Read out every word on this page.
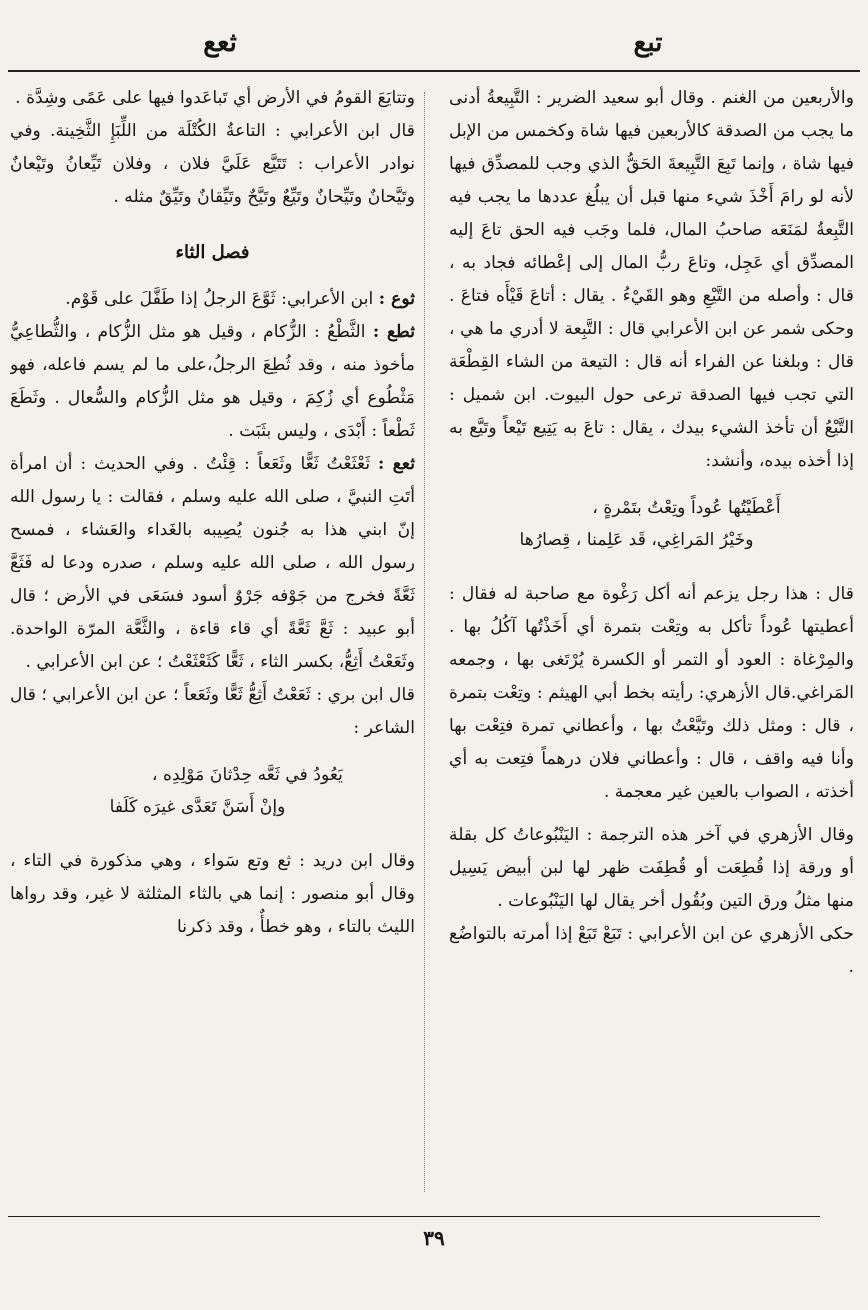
تبع
ثعع

والأربعين من الغنم . وقال أبو سعيد الضرير : التَّبِيعةُ أدنى ما يجب من الصدقة كالأربعين فيها شاة وكخمس من الإبل فيها شاة ، وإنما تَبِعَ التَّبِيعةَ الحَقُّ الذي وجب للمصدِّق فيها لأنه لو رامَ أَخْذَ شيء منها قبل أن يبلُغ عددها ما يجب فيه التَّبِعةُ لمَنَعَه صاحبُ المال، فلما وجَب فيه الحق تاعَ إليه المصدِّق أي عَجِل، وتاعَ ربُّ المال إلى إعْطائه فجاد به ، قال : وأصله من التَّيْعِ وهو القَيْءُ . يقال : أتاعَ قَيْأَه فتاعَ . وحكى شمر عن ابن الأعرابي قال : التَّبِعة لا أدري ما هي ، قال : وبلغنا عن الفراء أنه قال : التيعة من الشاء القِطْعَة التي تجب فيها الصدقة ترعى حول البيوت. ابن شميل : التَّيْعُ أن تأخذ الشيء بيدك ، يقال : تاعَ به يَتِيع تَيْعاً وتَيَّع به إذا أخذه بيده، وأنشد:

أَعْطَيْتُها عُوداً وتِعْتُ بتَمْرةٍ ،
وخَيْرُ المَراغِي، قَد عَلِمنا ، قِصارُها

قال : هذا رجل يزعم أنه أكل رَغْوة مع صاحبة له فقال : أعطيتها عُوداً تأكل به وتِعْت بتمرة أي أَخَذْتُها آكُلُ بها . والمِرْغاة : العود أو التمر أو الكسرة يُرْتَغى بها ، وجمعه المَراغي.قال الأزهري: رأيته بخط أبي الهيثم : وتِعْت بتمرة ، قال : ومثل ذلك وتَيَّعْتُ بها ، وأعطاني تمرة فتِعْت بها وأنا فيه واقف ، قال : وأعطاني فلان درهماً فتِعت به أي أخذته ، الصواب بالعين غير معجمة .

وقال الأزهري في آخر هذه الترجمة : اليَنْبُوعاتُ كل بقلة أو ورقة إذا قُطِعَت أو قُطِفَت ظهر لها لبن أبيض يَسِيل منها مثلُ ورق التين وبُقُول أخر يقال لها اليَنْبُوعات .

حكى الأزهري عن ابن الأعرابي : تَبَعْ تَبَعْ إذا أمرته بالتواضُع .

وتتايَعَ القومُ في الأرض أي تَباعَدوا فيها على عَمًى وشِدَّة .

قال ابن الأعرابي : التاعةُ الكُتْلَة من اللِّبَإِ الثَّخِينة. وفي نوادر الأعراب : تَتَيَّع عَلَيَّ فلان ، وفلان تَيِّعانُ وتَيْعانٌ وتَيَّحانٌ وتَيِّحانٌ وتَيِّعٌ وتَيَّحٌ وتَيِّقانٌ وتَيِّقٌ مثله .

فصل الثاء

ثوع : ابن الأعرابي: ثَوَّعَ الرجلُ إذا طَفَّلَ على قَوْم.

ثطع : الثَّطْعُ : الزُّكام ، وقيل هو مثل الزُّكام ، والثُّطاعِيُّ مأخوذ منه ، وقد ثُطِعَ الرجلُ،على ما لم يسم فاعله، فهو مَثْطُوع أي زُكِمَ ، وقيل هو مثل الزُّكام والسُّعال . وثَطَعَ ثَطْعاً : أَبْدَى ، وليس بثَبَت .

ثعع : ثَعْثَعْتُ ثَعًّا وثَعَعاً : قِئْتُ . وفي الحديث : أن امرأة أتَتِ النبيَّ ، صلى الله عليه وسلم ، فقالت : يا رسول الله إنّ ابني هذا به جُنون يُصِيبه بالغَداء والعَشاء ، فمسح رسول الله ، صلى الله عليه وسلم ، صدره ودعا له فَثَعَّ ثَعَّةً فخرج من جَوْفه جَرْوٌ أسود فسَعَى في الأرض ؛ قال أبو عبيد : ثَعَّ ثَعَّةً أي قاء قاءة ، والثَّعَّة المرّة الواحدة. وثَعَعْتُ أَثِعُّ، بكسر الثاء ، ثَعًّا كَثَعْثَعْتُ ؛ عن ابن الأعرابي .

قال ابن بري : ثَعَعْتُ أَثِعُّ ثَعًّا وثَعَعاً ؛ عن ابن الأعرابي ؛ قال الشاعر :

يَعُودُ في ثَعَّه حِدْثانَ مَوْلِدِه ،
وإنْ أَسَنَّ تَعَدَّى غيرَه كَلَفا

وقال ابن دريد : ثع وتع سَواء ، وهي مذكورة في التاء ، وقال أبو منصور : إنما هي بالثاء المثلثة لا غير، وقد رواها الليث بالتاء ، وهو خطأٌ ، وقد ذكرنا

٣٩
